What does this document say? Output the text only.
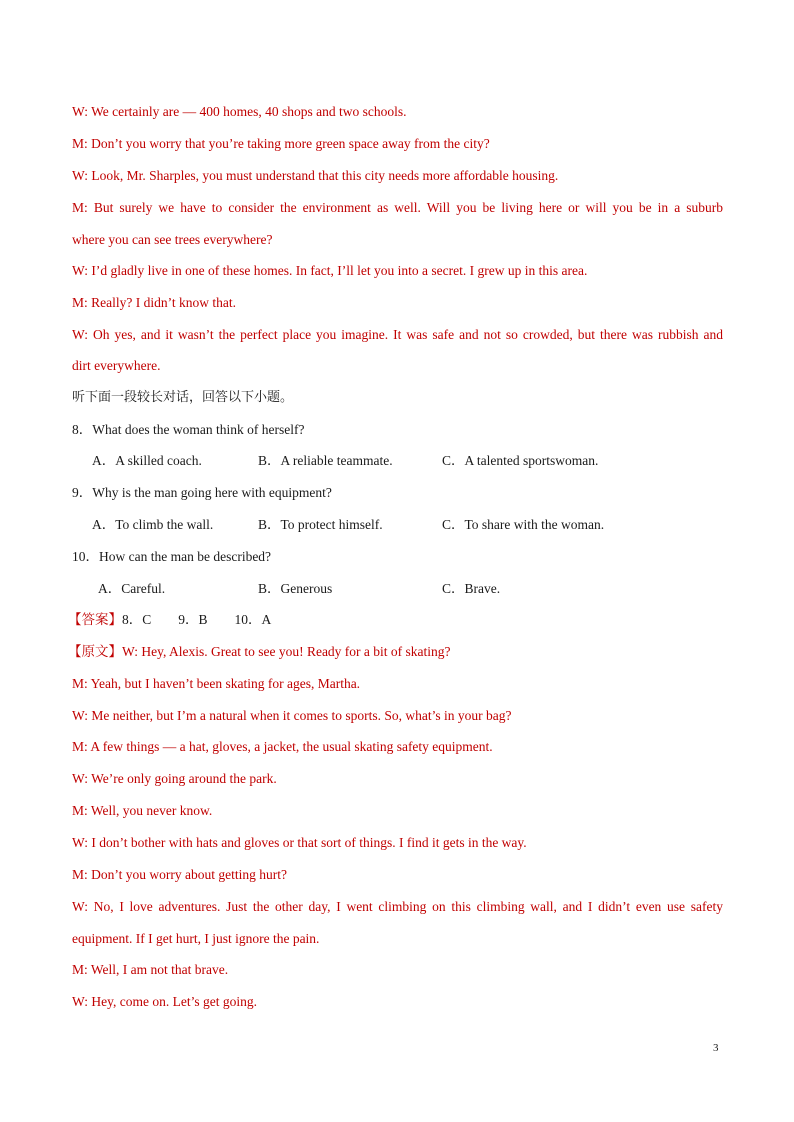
W: We certainly are — 400 homes, 40 shops and two schools.
M: Don’t you worry that you’re taking more green space away from the city?
W: Look, Mr. Sharples, you must understand that this city needs more affordable housing.
M: But surely we have to consider the environment as well. Will you be living here or will you be in a suburb
where you can see trees everywhere?
W: I’d gladly live in one of these homes. In fact, I’ll let you into a secret. I grew up in this area.
M: Really? I didn’t know that.
W: Oh yes, and it wasn’t the perfect place you imagine. It was safe and not so crowded, but there was rubbish and
dirt everywhere.
听下面一段较长对话，回答以下小题。
8．What does the woman think of herself?
A．A skilled coach.	B．A reliable teammate.	C．A talented sportswoman.
9．Why is the man going here with equipment?
A．To climb the wall.	B．To protect himself.	C．To share with the woman.
10．How can the man be described?
A．Careful.	B．Generous	C．Brave.
【答案】8．C　　9．B　　10．A
【原文】W: Hey, Alexis. Great to see you! Ready for a bit of skating?
M: Yeah, but I haven’t been skating for ages, Martha.
W: Me neither, but I’m a natural when it comes to sports. So, what’s in your bag?
M: A few things — a hat, gloves, a jacket, the usual skating safety equipment.
W: We’re only going around the park.
M: Well, you never know.
W: I don’t bother with hats and gloves or that sort of things. I find it gets in the way.
M: Don’t you worry about getting hurt?
W: No, I love adventures. Just the other day, I went climbing on this climbing wall, and I didn’t even use safety
equipment. If I get hurt, I just ignore the pain.
M: Well, I am not that brave.
W: Hey, come on. Let’s get going.
3
